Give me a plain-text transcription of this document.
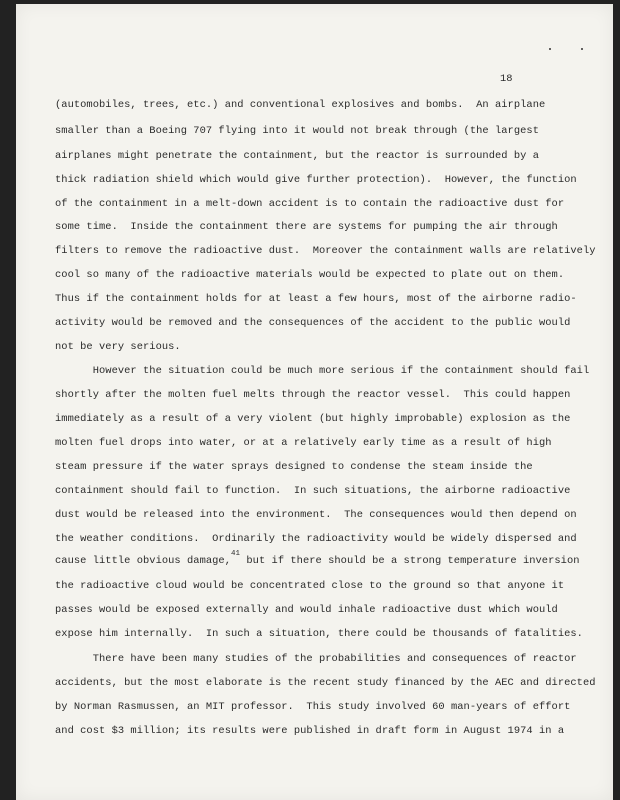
18
(automobiles, trees, etc.) and conventional explosives and bombs.  An airplane
smaller than a Boeing 707 flying into it would not break through (the largest
airplanes might penetrate the containment, but the reactor is surrounded by a
thick radiation shield which would give further protection).  However, the function
of the containment in a melt-down accident is to contain the radioactive dust for
some time.  Inside the containment there are systems for pumping the air through
filters to remove the radioactive dust.  Moreover the containment walls are relatively
cool so many of the radioactive materials would be expected to plate out on them.
Thus if the containment holds for at least a few hours, most of the airborne radio-
activity would be removed and the consequences of the accident to the public would
not be very serious.
However the situation could be much more serious if the containment should fail
shortly after the molten fuel melts through the reactor vessel.  This could happen
immediately as a result of a very violent (but highly improbable) explosion as the
molten fuel drops into water, or at a relatively early time as a result of high
steam pressure if the water sprays designed to condense the steam inside the
containment should fail to function.  In such situations, the airborne radioactive
dust would be released into the environment.  The consequences would then depend on
the weather conditions.  Ordinarily the radioactivity would be widely dispersed and
cause little obvious damage,$^{41}$ but if there should be a strong temperature inversion
the radioactive cloud would be concentrated close to the ground so that anyone it
passes would be exposed externally and would inhale radioactive dust which would
expose him internally.  In such a situation, there could be thousands of fatalities.
There have been many studies of the probabilities and consequences of reactor
accidents, but the most elaborate is the recent study financed by the AEC and directed
by Norman Rasmussen, an MIT professor.  This study involved 60 man-years of effort
and cost $3 million; its results were published in draft form in August 1974 in a
